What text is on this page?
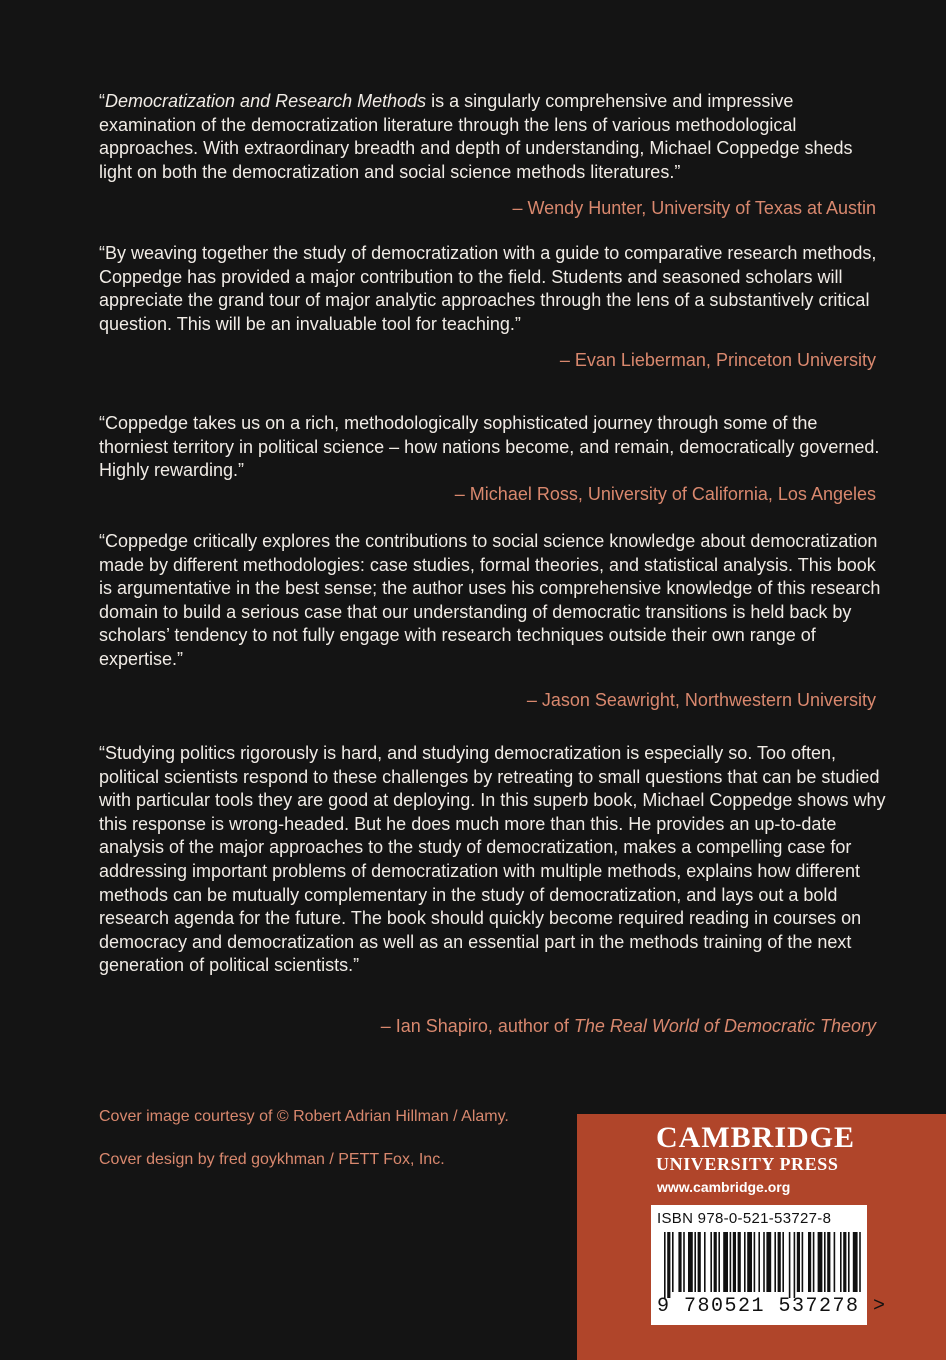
“Democratization and Research Methods is a singularly comprehensive and impressive examination of the democratization literature through the lens of various methodological approaches. With extraordinary breadth and depth of understanding, Michael Coppedge sheds light on both the democratization and social science methods literatures.”

– Wendy Hunter, University of Texas at Austin

“By weaving together the study of democratization with a guide to comparative research methods, Coppedge has provided a major contribution to the field. Students and seasoned scholars will appreciate the grand tour of major analytic approaches through the lens of a substantively critical question. This will be an invaluable tool for teaching.”

– Evan Lieberman, Princeton University

“Coppedge takes us on a rich, methodologically sophisticated journey through some of the thorniest territory in political science – how nations become, and remain, democratically governed. Highly rewarding.”

– Michael Ross, University of California, Los Angeles

“Coppedge critically explores the contributions to social science knowledge about democratization made by different methodologies: case studies, formal theories, and statistical analysis. This book is argumentative in the best sense; the author uses his comprehensive knowledge of this research domain to build a serious case that our understanding of democratic transitions is held back by scholars’ tendency to not fully engage with research techniques outside their own range of expertise.”

– Jason Seawright, Northwestern University

“Studying politics rigorously is hard, and studying democratization is especially so. Too often, political scientists respond to these challenges by retreating to small questions that can be studied with particular tools they are good at deploying. In this superb book, Michael Coppedge shows why this response is wrong-headed. But he does much more than this. He provides an up-to-date analysis of the major approaches to the study of democratization, makes a compelling case for addressing important problems of democratization with multiple methods, explains how different methods can be mutually complementary in the study of democratization, and lays out a bold research agenda for the future. The book should quickly become required reading in courses on democracy and democratization as well as an essential part in the methods training of the next generation of political scientists.”

– Ian Shapiro, author of The Real World of Democratic Theory
Cover image courtesy of © Robert Adrian Hillman / Alamy.
Cover design by fred goykhman / PETT Fox, Inc.
CAMBRIDGE
UNIVERSITY PRESS
www.cambridge.org
ISBN 978-0-521-53727-8
9 780521 537278 >
